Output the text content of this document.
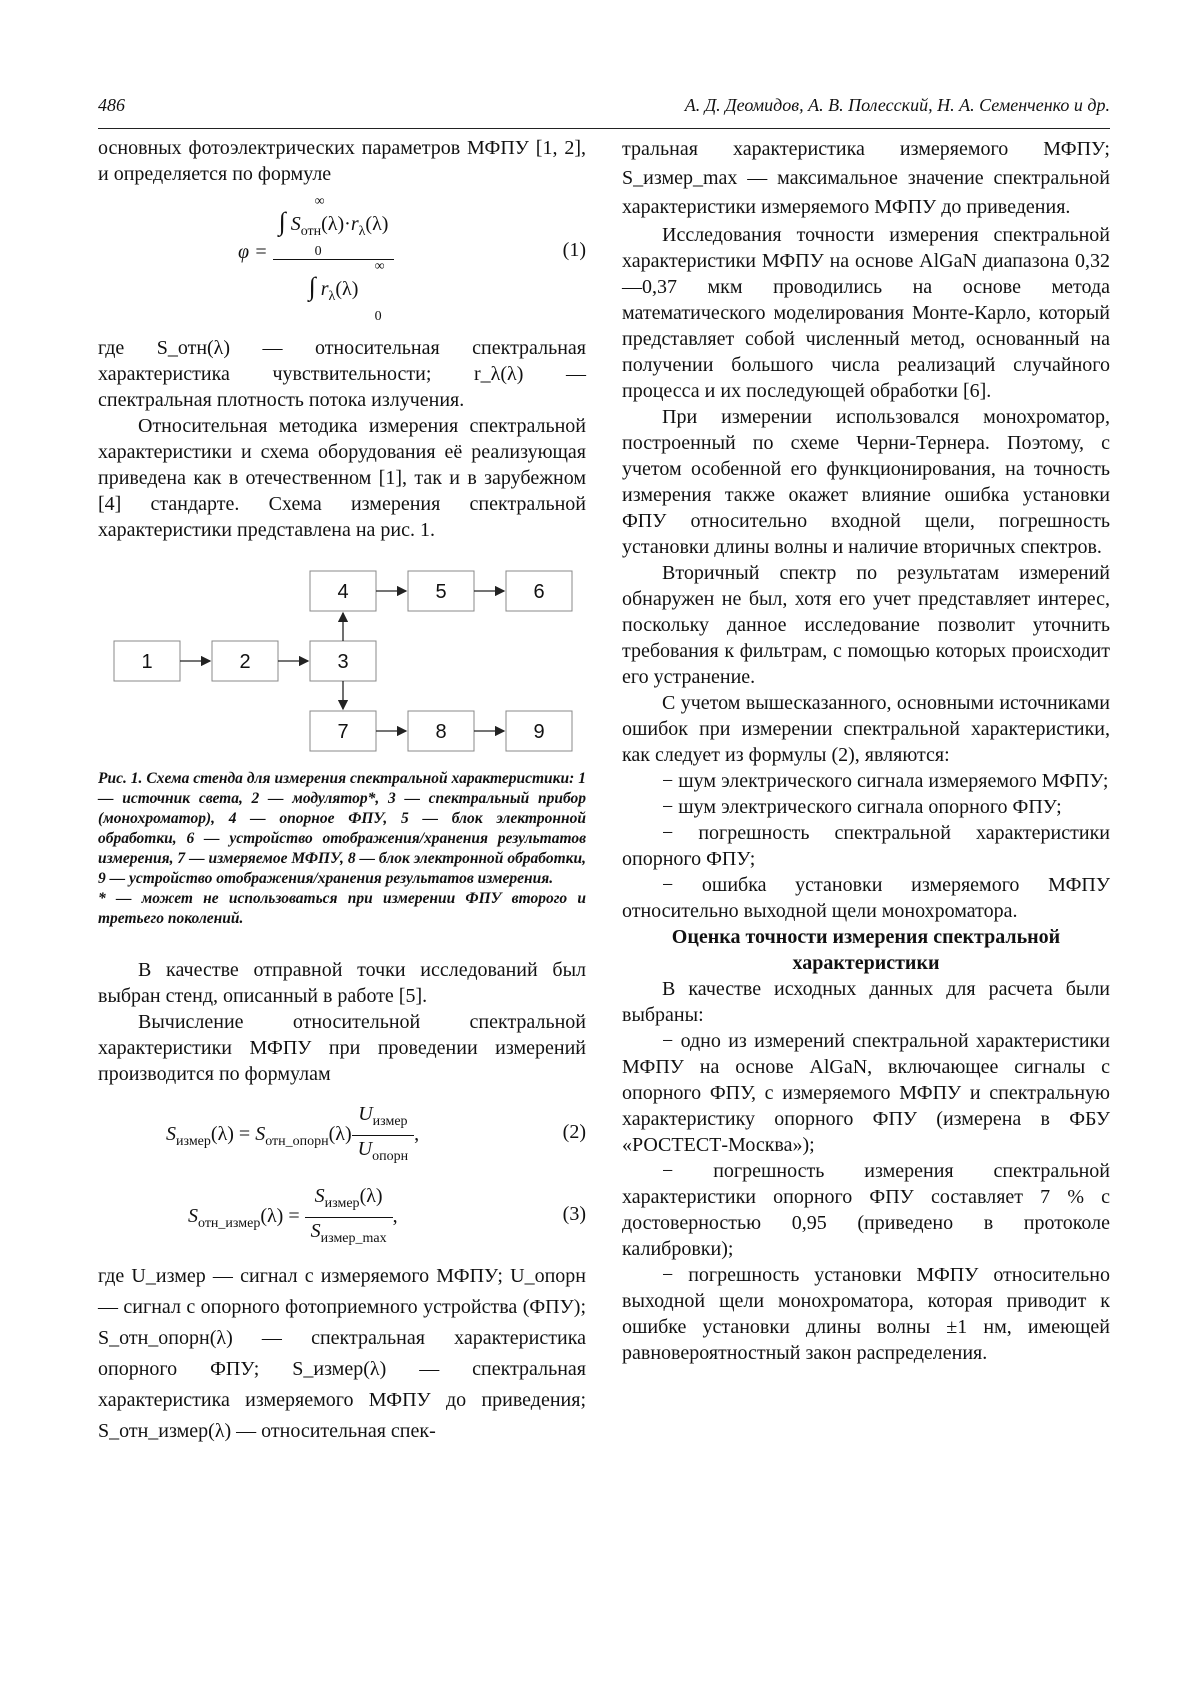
486	А. Д. Деомидов, А. В. Полесский, Н. А. Семенченко и др.

основных фотоэлектрических параметров МФПУ [1, 2], и определяется по формуле

φ = ∞
∫ $S_{отн}(\lambda)\cdot r_\lambda(\lambda)$
0
∞
∫ $r_\lambda(\lambda)$
0	(1)

где S_отн(λ) — относительная спектральная характеристика чувствительности; r_λ(λ) — спектральная плотность потока излучения.

Относительная методика измерения спектральной характеристики и схема оборудования её реализующая приведена как в отечественном [1], так и в зарубежном [4] стандарте. Схема измерения спектральной характеристики представлена на рис. 1.

4	5	6
1	2	3
7	8	9

Рис. 1. Схема стенда для измерения спектральной характеристики: 1 — источник света, 2 — модулятор*, 3 — спектральный прибор (монохроматор), 4 — опорное ФПУ, 5 — блок электронной обработки, 6 — устройство отображения/хранения результатов измерения, 7 — измеряемое МФПУ, 8 — блок электронной обработки, 9 — устройство отображения/хранения результатов измерения.

* — может не использоваться при измерении ФПУ второго и третьего поколений.

В качестве отправной точки исследований был выбран стенд, описанный в работе [5].

Вычисление относительной спектральной характеристики МФПУ при проведении измерений производится по формулам

$S_{измер}(\lambda) = S_{отн\_опорн}(\lambda) \frac{U_{измер}}{U_{опорн}}$ ,	(2)
$S_{отн\_измер}(\lambda) = \frac{S_{измер}(\lambda)}{S_{измер\_max}}$ ,	(3)

где U_измер — сигнал с измеряемого МФПУ; U_опорн — сигнал с опорного фотоприемного устройства (ФПУ); S_отн_опорн(λ) — спектральная характеристика опорного ФПУ; S_измер(λ) — спектральная характеристика измеряемого МФПУ до приведения; S_отн_измер(λ) — относительная спек-

тральная характеристика измеряемого МФПУ; S_измер_max — максимальное значение спектральной характеристики измеряемого МФПУ до приведения.

Исследования точности измерения спектральной характеристики МФПУ на основе AlGaN диапазона 0,32—0,37 мкм проводились на основе метода математического моделирования Монте-Карло, который представляет собой численный метод, основанный на получении большого числа реализаций случайного процесса и их последующей обработки [6].

При измерении использовался монохроматор, построенный по схеме Черни-Тернера. Поэтому, с учетом особенной его функционирования, на точность измерения также окажет влияние ошибка установки ФПУ относительно входной щели, погрешность установки длины волны и наличие вторичных спектров.

Вторичный спектр по результатам измерений обнаружен не был, хотя его учет представляет интерес, поскольку данное исследование позволит уточнить требования к фильтрам, с помощью которых происходит его устранение.

С учетом вышесказанного, основными источниками ошибок при измерении спектральной характеристики, как следует из формулы (2), являются:

− шум электрического сигнала измеряемого МФПУ;

− шум электрического сигнала опорного ФПУ;

− погрешность спектральной характеристики опорного ФПУ;

− ошибка установки измеряемого МФПУ относительно выходной щели монохроматора.

Оценка точности измерения спектральной характеристики

В качестве исходных данных для расчета были выбраны:

− одно из измерений спектральной характеристики МФПУ на основе AlGaN, включающее сигналы с опорного ФПУ, с измеряемого МФПУ и спектральную характеристику опорного ФПУ (измерена в ФБУ «РОСТЕСТ-Москва»);

− погрешность измерения спектральной характеристики опорного ФПУ составляет 7 % с достоверностью 0,95 (приведено в протоколе калибровки);

− погрешность установки МФПУ относительно выходной щели монохроматора, которая приводит к ошибке установки длины волны ±1 нм, имеющей равновероятностный закон распределения.
